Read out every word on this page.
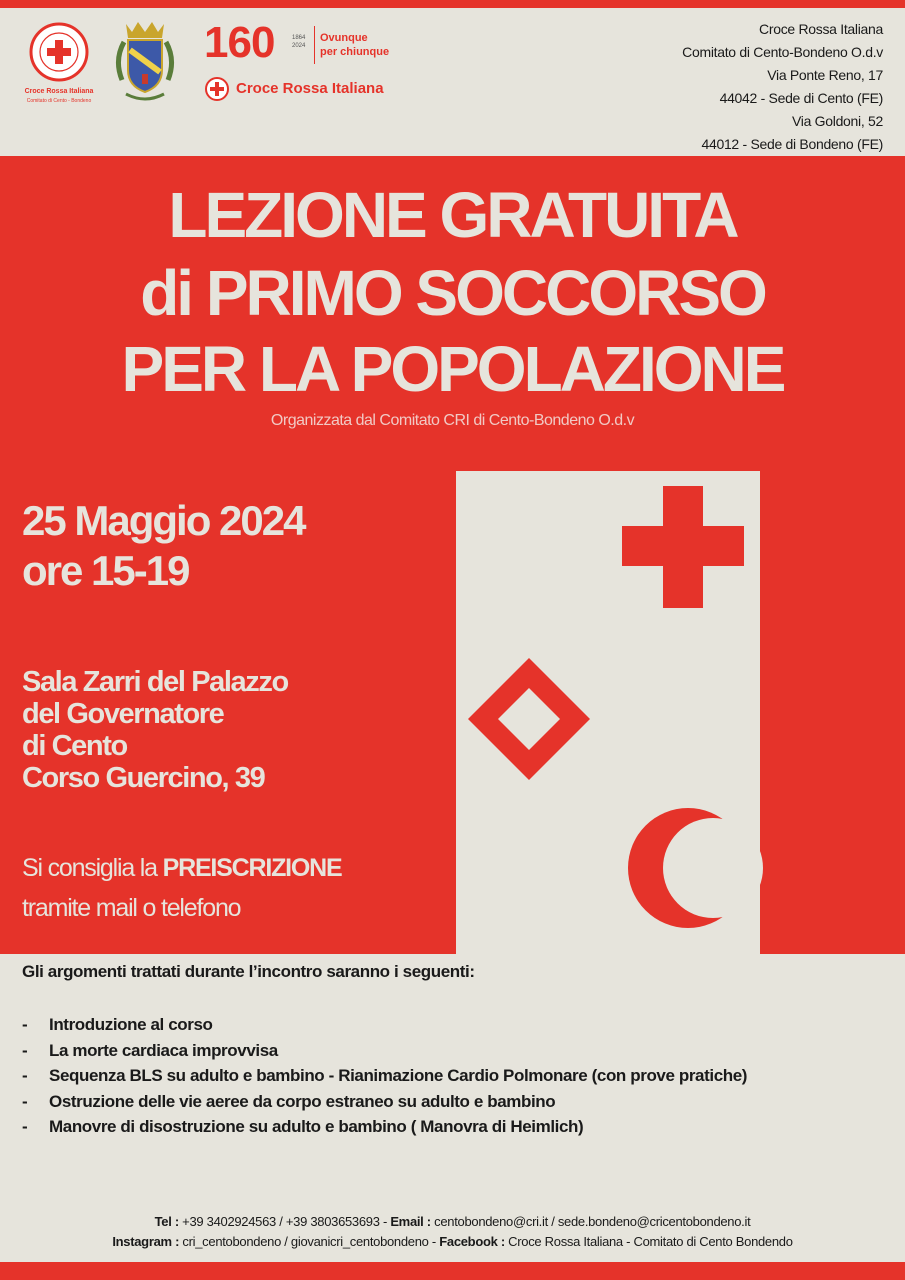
Croce Rossa Italiana
Comitato di Cento - Bondeno
160	1864
2024
Ovunque
per chiunque
Croce Rossa Italiana
Croce Rossa Italiana
Comitato di Cento-Bondeno O.d.v
Via Ponte Reno, 17
44042 - Sede di Cento (FE)
Via Goldoni, 52
44012 - Sede di Bondeno (FE)
LEZIONE GRATUITA
di PRIMO SOCCORSO
PER LA POPOLAZIONE
Organizzata dal Comitato CRI di Cento-Bondeno O.d.v
25 Maggio 2024
ore 15-19
Sala Zarri del Palazzo
del Governatore
di Cento
Corso Guercino, 39
Si consiglia la PREISCRIZIONE
tramite mail o telefono
Gli argomenti trattati durante l’incontro saranno i seguenti:
- Introduzione al corso
- La morte cardiaca improvvisa
- Sequenza BLS su adulto e bambino - Rianimazione Cardio Polmonare (con prove pratiche)
- Ostruzione delle vie aeree da corpo estraneo su adulto e bambino
- Manovre di disostruzione su adulto e bambino ( Manovra di Heimlich)
Tel : +39 3402924563 / +39 3803653693 - Email : centobondeno@cri.it / sede.bondeno@cricentobondeno.it
Instagram : cri_centobondeno / giovanicri_centobondeno - Facebook : Croce Rossa Italiana - Comitato di Cento Bondendo
